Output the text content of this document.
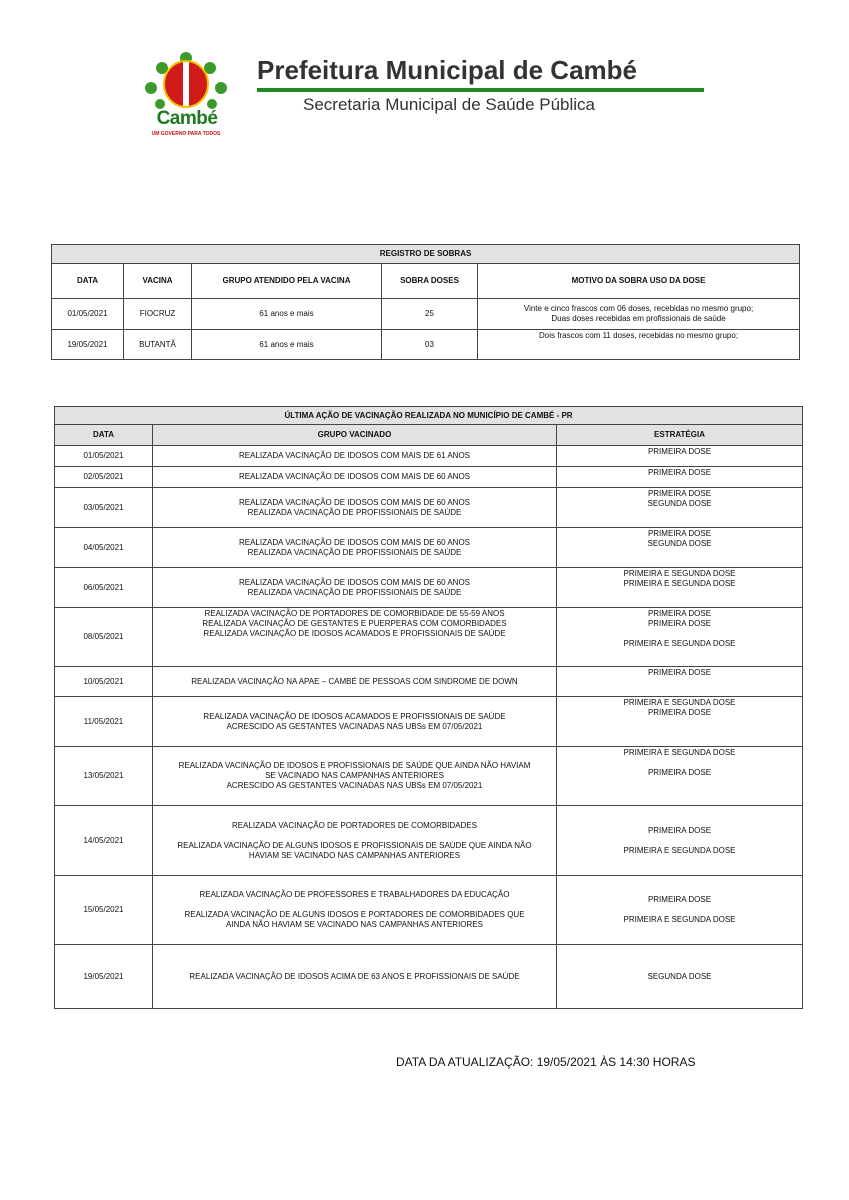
Cambé
UM GOVERNO PARA TODOS
Prefeitura Municipal de Cambé
Secretaria Municipal de Saúde Pública
REGISTRO DE SOBRAS				
DATA	VACINA	GRUPO ATENDIDO PELA VACINA	SOBRA DOSES	MOTIVO DA SOBRA USO DA DOSE
01/05/2021	FIOCRUZ	61 anos e mais	25	Vinte e cinco frascos com 06 doses, recebidas no mesmo grupo;
Duas doses recebidas em profissionais de saúde
19/05/2021	BUTANTÃ	61 anos e mais	03	Dois frascos com 11 doses, recebidas no mesmo grupo;
ÚLTIMA AÇÃO DE VACINAÇÃO REALIZADA NO MUNICÍPIO DE CAMBÉ - PR		
DATA	GRUPO VACINADO	ESTRATÉGIA
01/05/2021	REALIZADA VACINAÇÃO DE IDOSOS COM MAIS DE 61 ANOS	PRIMEIRA DOSE
02/05/2021	REALIZADA VACINAÇÃO DE IDOSOS COM MAIS DE 60 ANOS	PRIMEIRA DOSE
03/05/2021	REALIZADA VACINAÇÃO DE IDOSOS COM MAIS DE 60 ANOS
REALIZADA VACINAÇÃO DE PROFISSIONAIS DE SAÚDE	PRIMEIRA DOSE
SEGUNDA DOSE
04/05/2021	REALIZADA VACINAÇÃO DE IDOSOS COM MAIS DE 60 ANOS
REALIZADA VACINAÇÃO DE PROFISSIONAIS DE SAÚDE	PRIMEIRA DOSE
SEGUNDA DOSE
06/05/2021	REALIZADA VACINAÇÃO DE IDOSOS COM MAIS DE 60 ANOS
REALIZADA VACINAÇÃO DE PROFISSIONAIS DE SAÚDE	PRIMEIRA E SEGUNDA DOSE
PRIMEIRA E SEGUNDA DOSE
08/05/2021	REALIZADA VACINAÇÃO DE PORTADORES DE COMORBIDADE DE 55-59 ANOS
REALIZADA VACINAÇÃO DE GESTANTES E PUERPERAS COM COMORBIDADES
REALIZADA VACINAÇÃO DE IDOSOS ACAMADOS E PROFISSIONAIS DE SAÚDE	PRIMEIRA DOSE
PRIMEIRA DOSE

PRIMEIRA E SEGUNDA DOSE
10/05/2021	REALIZADA VACINAÇÃO NA APAE – CAMBÉ DE PESSOAS COM SINDROME DE DOWN	PRIMEIRA DOSE
11/05/2021	REALIZADA VACINAÇÃO DE IDOSOS ACAMADOS E PROFISSIONAIS DE SAÚDE
ACRESCIDO AS GESTANTES VACINADAS NAS UBSs EM 07/05/2021	PRIMEIRA E SEGUNDA DOSE
PRIMEIRA DOSE
13/05/2021	REALIZADA VACINAÇÃO DE IDOSOS E PROFISSIONAIS DE SAÚDE QUE AINDA NÃO HAVIAM
SE VACINADO NAS CAMPANHAS ANTERIORES
ACRESCIDO AS GESTANTES VACINADAS NAS UBSs EM 07/05/2021	PRIMEIRA E SEGUNDA DOSE

PRIMEIRA DOSE
14/05/2021	REALIZADA VACINAÇÃO DE PORTADORES DE COMORBIDADES

REALIZADA VACINAÇÃO DE ALGUNS IDOSOS E PROFISSIONAIS DE SAÚDE QUE AINDA NÃO
HAVIAM SE VACINADO NAS CAMPANHAS ANTERIORES	PRIMEIRA DOSE

PRIMEIRA E SEGUNDA DOSE
15/05/2021	REALIZADA VACINAÇÃO DE PROFESSORES E TRABALHADORES DA EDUCAÇÃO

REALIZADA VACINAÇÃO DE ALGUNS IDOSOS E PORTADORES DE COMORBIDADES QUE
AINDA NÃO HAVIAM SE VACINADO NAS CAMPANHAS ANTERIORES	PRIMEIRA DOSE

PRIMEIRA E SEGUNDA DOSE
19/05/2021	REALIZADA VACINAÇÃO DE IDOSOS ACIMA DE 63 ANOS E PROFISSIONAIS DE SAÚDE	SEGUNDA DOSE
DATA DA ATUALIZAÇÃO: 19/05/2021 ÀS 14:30 HORAS
